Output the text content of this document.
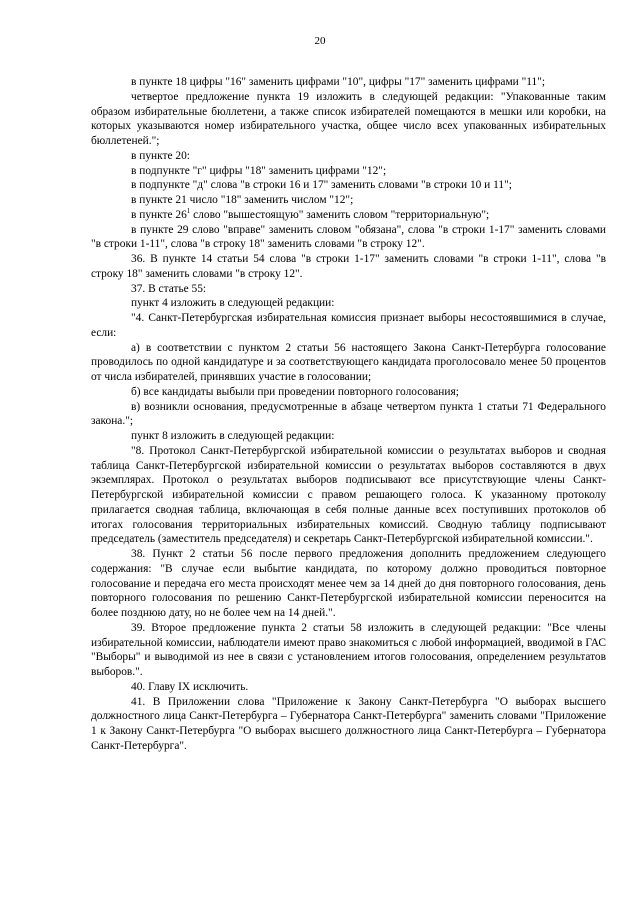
20

в пункте 18 цифры "16" заменить цифрами "10", цифры "17" заменить цифрами "11";

четвертое предложение пункта 19 изложить в следующей редакции: "Упакованные таким образом избирательные бюллетени, а также список избирателей помещаются в мешки или коробки, на которых указываются номер избирательного участка, общее число всех упакованных избирательных бюллетеней.";

в пункте 20:

в подпункте "г" цифры "18" заменить цифрами "12";

в подпункте "д" слова "в строки 16 и 17" заменить словами "в строки 10 и 11";

в пункте 21 число "18" заменить числом "12";

в пункте $26^1$ слово "вышестоящую" заменить словом "территориальную";

в пункте 29 слово "вправе" заменить словом "обязана", слова "в строки 1-17" заменить словами "в строки 1-11", слова "в строку 18" заменить словами "в строку 12".

36. В пункте 14 статьи 54 слова "в строки 1-17" заменить словами "в строки 1-11", слова "в строку 18" заменить словами "в строку 12".

37. В статье 55:

пункт 4 изложить в следующей редакции:

"4. Санкт-Петербургская избирательная комиссия признает выборы несостоявшимися в случае, если:

а) в соответствии с пунктом 2 статьи 56 настоящего Закона Санкт-Петербурга голосование проводилось по одной кандидатуре и за соответствующего кандидата проголосовало менее 50 процентов от числа избирателей, принявших участие в голосовании;

б) все кандидаты выбыли при проведении повторного голосования;

в) возникли основания, предусмотренные в абзаце четвертом пункта 1 статьи 71 Федерального закона.";

пункт 8 изложить в следующей редакции:

"8. Протокол Санкт-Петербургской избирательной комиссии о результатах выборов и сводная таблица Санкт-Петербургской избирательной комиссии о результатах выборов составляются в двух экземплярах. Протокол о результатах выборов подписывают все присутствующие члены Санкт-Петербургской избирательной комиссии с правом решающего голоса. К указанному протоколу прилагается сводная таблица, включающая в себя полные данные всех поступивших протоколов об итогах голосования территориальных избирательных комиссий. Сводную таблицу подписывают председатель (заместитель председателя) и секретарь Санкт-Петербургской избирательной комиссии.".

38. Пункт 2 статьи 56 после первого предложения дополнить предложением следующего содержания: "В случае если выбытие кандидата, по которому должно проводиться повторное голосование и передача его места происходят менее чем за 14 дней до дня повторного голосования, день повторного голосования по решению Санкт-Петербургской избирательной комиссии переносится на более позднюю дату, но не более чем на 14 дней.".

39. Второе предложение пункта 2 статьи 58 изложить в следующей редакции: "Все члены избирательной комиссии, наблюдатели имеют право знакомиться с любой информацией, вводимой в ГАС "Выборы" и выводимой из нее в связи с установлением итогов голосования, определением результатов выборов.".

40. Главу IX исключить.

41. В Приложении слова "Приложение к Закону Санкт-Петербурга "О выборах высшего должностного лица Санкт-Петербурга – Губернатора Санкт-Петербурга" заменить словами "Приложение 1 к Закону Санкт-Петербурга "О выборах высшего должностного лица Санкт-Петербурга – Губернатора Санкт-Петербурга".
